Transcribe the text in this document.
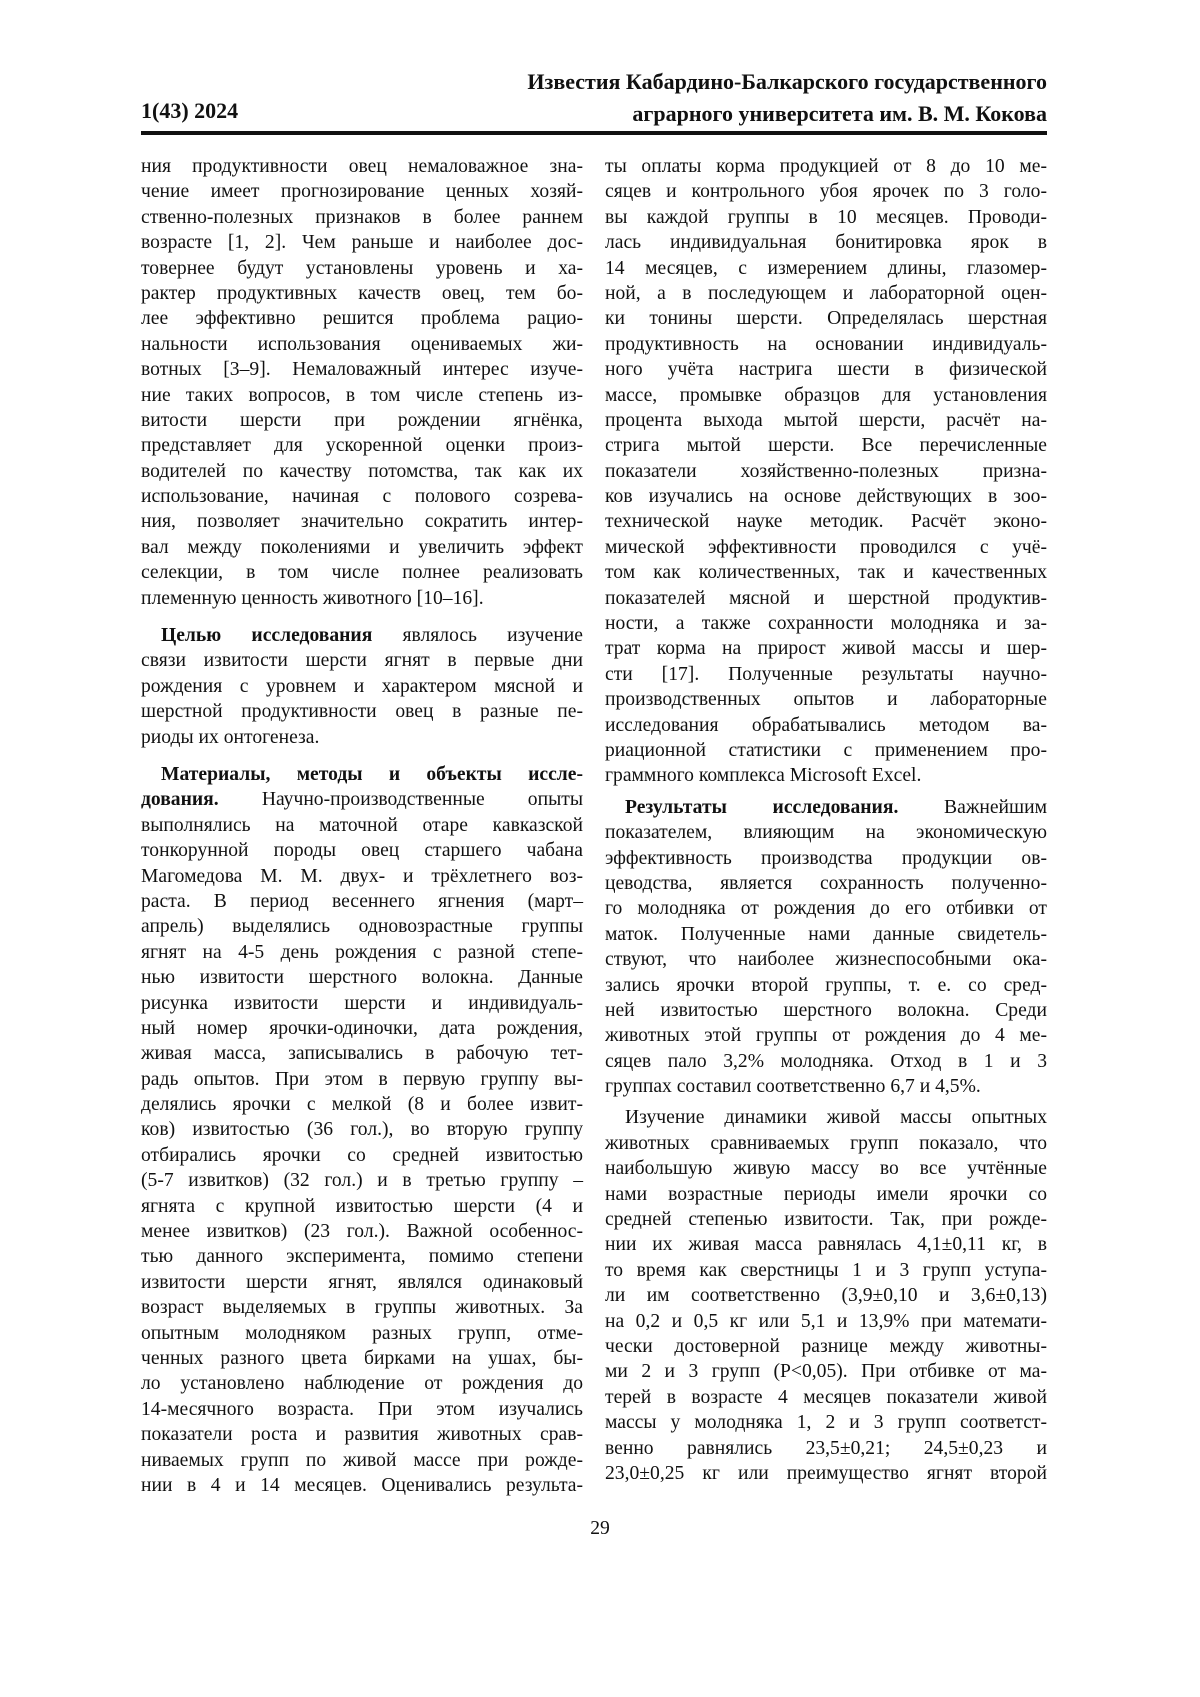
1(43) 2024
Известия Кабардино-Балкарского государственного
аграрного университета им. В. М. Кокова
ния продуктивности овец немаловажное зна-
чение имеет прогнозирование ценных хозяй-
ственно-полезных признаков в более раннем
возрасте [1, 2]. Чем раньше и наиболее дос-
товернее будут установлены уровень и ха-
рактер продуктивных качеств овец, тем бо-
лее эффективно решится проблема рацио-
нальности использования оцениваемых жи-
вотных [3–9]. Немаловажный интерес изуче-
ние таких вопросов, в том числе степень из-
витости шерсти при рождении ягнёнка,
представляет для ускоренной оценки произ-
водителей по качеству потомства, так как их
использование, начиная с полового созрева-
ния, позволяет значительно сократить интер-
вал между поколениями и увеличить эффект
селекции, в том числе полнее реализовать
племенную ценность животного [10–16].
Целью исследования являлось изучение
связи извитости шерсти ягнят в первые дни
рождения с уровнем и характером мясной и
шерстной продуктивности овец в разные пе-
риоды их онтогенеза.
Материалы, методы и объекты иссле-
дования. Научно-производственные опыты
выполнялись на маточной отаре кавказской
тонкорунной породы овец старшего чабана
Магомедова М. М. двух- и трёхлетнего воз-
раста. В период весеннего ягнения (март–
апрель) выделялись одновозрастные группы
ягнят на 4-5 день рождения с разной степе-
нью извитости шерстного волокна. Данные
рисунка извитости шерсти и индивидуаль-
ный номер ярочки-одиночки, дата рождения,
живая масса, записывались в рабочую тет-
радь опытов. При этом в первую группу вы-
делялись ярочки с мелкой (8 и более извит-
ков) извитостью (36 гол.), во вторую группу
отбирались ярочки со средней извитостью
(5-7 извитков) (32 гол.) и в третью группу –
ягнята с крупной извитостью шерсти (4 и
менее извитков) (23 гол.). Важной особеннос-
тью данного эксперимента, помимо степени
извитости шерсти ягнят, являлся одинаковый
возраст выделяемых в группы животных. За
опытным молодняком разных групп, отме-
ченных разного цвета бирками на ушах, бы-
ло установлено наблюдение от рождения до
14-месячного возраста. При этом изучались
показатели роста и развития животных срав-
ниваемых групп по живой массе при рожде-
нии в 4 и 14 месяцев. Оценивались результа-
ты оплаты корма продукцией от 8 до 10 ме-
сяцев и контрольного убоя ярочек по 3 голо-
вы каждой группы в 10 месяцев. Проводи-
лась индивидуальная бонитировка ярок в
14 месяцев, с измерением длины, глазомер-
ной, а в последующем и лабораторной оцен-
ки тонины шерсти. Определялась шерстная
продуктивность на основании индивидуаль-
ного учёта настрига шести в физической
массе, промывке образцов для установления
процента выхода мытой шерсти, расчёт на-
стрига мытой шерсти. Все перечисленные
показатели хозяйственно-полезных призна-
ков изучались на основе действующих в зоо-
технической науке методик. Расчёт эконо-
мической эффективности проводился с учё-
том как количественных, так и качественных
показателей мясной и шерстной продуктив-
ности, а также сохранности молодняка и за-
трат корма на прирост живой массы и шер-
сти [17]. Полученные результаты научно-
производственных опытов и лабораторные
исследования обрабатывались методом ва-
риационной статистики с применением про-
граммного комплекса Microsoft Excel.
Результаты исследования. Важнейшим
показателем, влияющим на экономическую
эффективность производства продукции ов-
цеводства, является сохранность полученно-
го молодняка от рождения до его отбивки от
маток. Полученные нами данные свидетель-
ствуют, что наиболее жизнеспособными ока-
зались ярочки второй группы, т. е. со сред-
ней извитостью шерстного волокна. Среди
животных этой группы от рождения до 4 ме-
сяцев пало 3,2% молодняка. Отход в 1 и 3
группах составил соответственно 6,7 и 4,5%.
Изучение динамики живой массы опытных
животных сравниваемых групп показало, что
наибольшую живую массу во все учтённые
нами возрастные периоды имели ярочки со
средней степенью извитости. Так, при рожде-
нии их живая масса равнялась 4,1±0,11 кг, в
то время как сверстницы 1 и 3 групп уступа-
ли им соответственно (3,9±0,10 и 3,6±0,13)
на 0,2 и 0,5 кг или 5,1 и 13,9% при математи-
чески достоверной разнице между животны-
ми 2 и 3 групп (P<0,05). При отбивке от ма-
терей в возрасте 4 месяцев показатели живой
массы у молодняка 1, 2 и 3 групп соответст-
венно равнялись 23,5±0,21; 24,5±0,23 и
23,0±0,25 кг или преимущество ягнят второй
29
